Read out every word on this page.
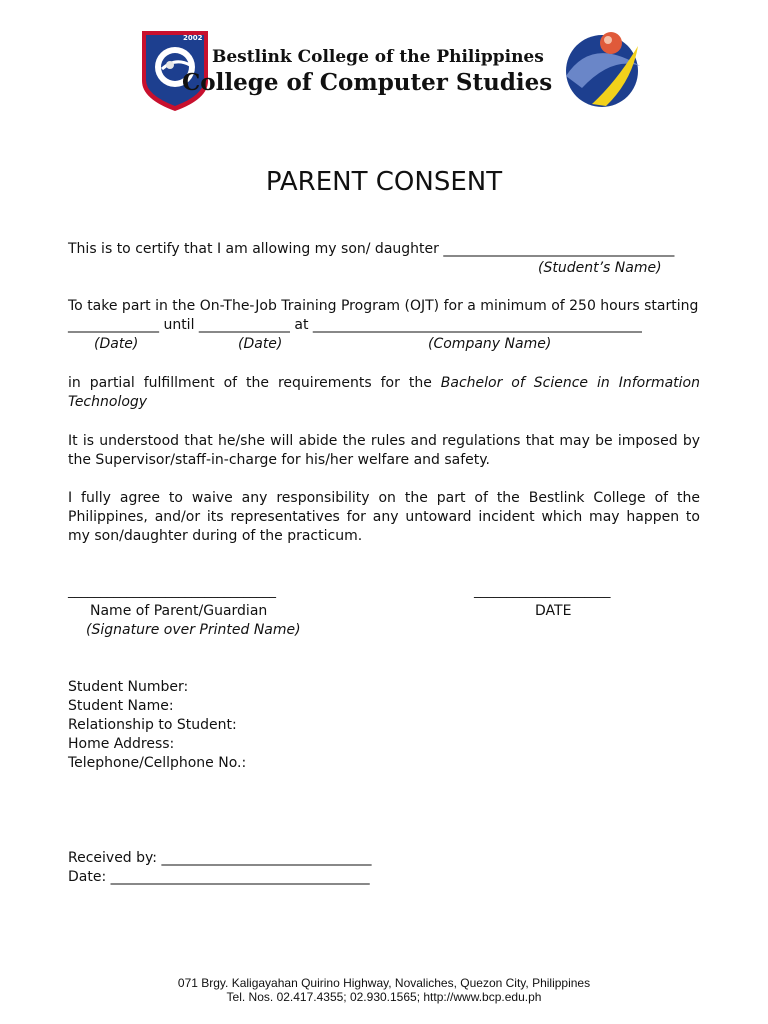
2002
Bestlink College of the Philippines
College of Computer Studies
PARENT CONSENT
This is to certify that I am allowing my son/ daughter _________________________________
(Student’s Name)
To take part in the On-The-Job Training Program (OJT) for a minimum of 250 hours starting
_____________ until _____________ at _______________________________________________
(Date)	(Date)	(Company Name)
in partial fulfillment of the requirements for the Bachelor of Science in Information Technology
It is understood that he/she will abide the rules and regulations that may be imposed by the Supervisor/staff-in-charge for his/her welfare and safety.
I fully agree to waive any responsibility on the part of the Bestlink College of the Philippines, and/or its representatives for any untoward incident which may happen to my son/daughter during of the practicum.
________________________________
Name of Parent/Guardian
(Signature over Printed Name)
_____________________
DATE
Student Number:
Student Name:
Relationship to Student:
Home Address:
Telephone/Cellphone No.:
Received by: ______________________________
Date: _____________________________________
071 Brgy. Kaligayahan Quirino Highway, Novaliches, Quezon City, Philippines
Tel. Nos. 02.417.4355; 02.930.1565; http://www.bcp.edu.ph
